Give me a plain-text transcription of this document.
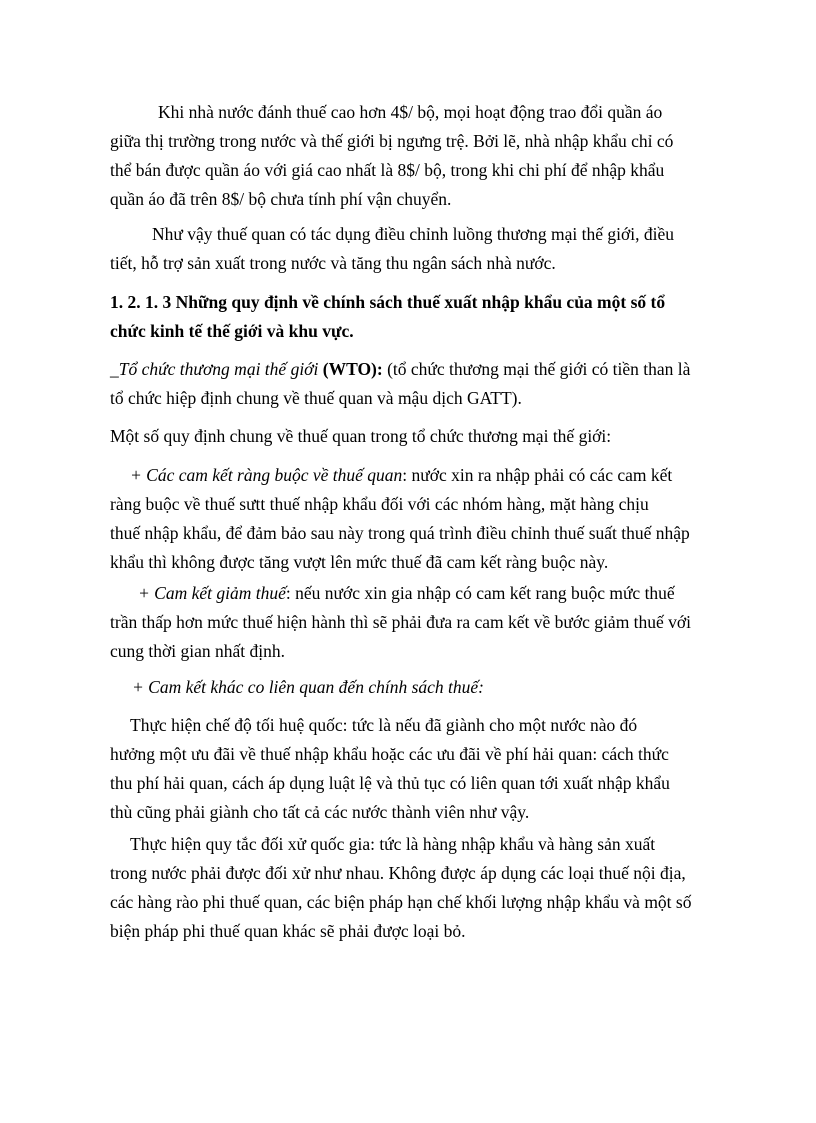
Khi nhà nước đánh thuế cao hơn 4$/ bộ, mọi hoạt động trao đổi quần áo
giữa thị trường trong nước và thế giới bị ngưng trệ. Bởi lẽ, nhà nhập khẩu chỉ có
thể bán được quần áo với giá cao nhất là 8$/ bộ, trong khi chi phí để nhập khẩu
quần áo đã trên 8$/ bộ chưa tính phí vận chuyển.

Như vậy thuế quan có tác dụng điều chỉnh luồng thương mại thế giới, điều
tiết, hỗ trợ sản xuất trong nước và tăng thu ngân sách nhà nước.

1. 2. 1. 3 Những quy định về chính sách thuế xuất nhập khẩu của một số tổ
chức kinh tế thế giới và khu vực.

_Tổ chức thương mại thế giới (WTO): (tổ chức thương mại thế giới có tiền than là
tổ chức hiệp định chung về thuế quan và mậu dịch GATT).

Một số quy định chung về thuế quan trong tổ chức thương mại thế giới:

+ Các cam kết ràng buộc về thuế quan: nước xin ra nhập phải có các cam kết
ràng buộc về thuế sưtt thuế nhập khẩu đối với các nhóm hàng, mặt hàng chịu
thuế nhập khẩu, để đảm bảo sau này trong quá trình điều chỉnh thuế suất thuế nhập
khẩu thì không được tăng vượt lên mức thuế đã cam kết ràng buộc này.

+ Cam kết giảm thuế: nếu nước xin gia nhập có cam kết rang buộc mức thuế
trần thấp hơn mức thuế hiện hành thì sẽ phải đưa ra cam kết về bước giảm thuế với
cung thời gian nhất định.

+ Cam kết khác co liên quan đến chính sách thuế:

Thực hiện chế độ tối huệ quốc: tức là nếu đã giành cho một nước nào đó
hưởng một ưu đãi về thuế nhập khẩu hoặc các ưu đãi về phí hải quan: cách thức
thu phí hải quan, cách áp dụng luật lệ và thủ tục có liên quan tới xuất nhập khẩu
thù cũng phải giành cho tất cả các nước thành viên như vậy.

Thực hiện quy tắc đối xử quốc gia: tức là hàng nhập khẩu và hàng sản xuất
trong nước phải được đối xử như nhau. Không được áp dụng các loại thuế nội địa,
các hàng rào phi thuế quan, các biện pháp hạn chế khối lượng nhập khẩu và một số
biện pháp phi thuế quan khác sẽ phải được loại bỏ.
